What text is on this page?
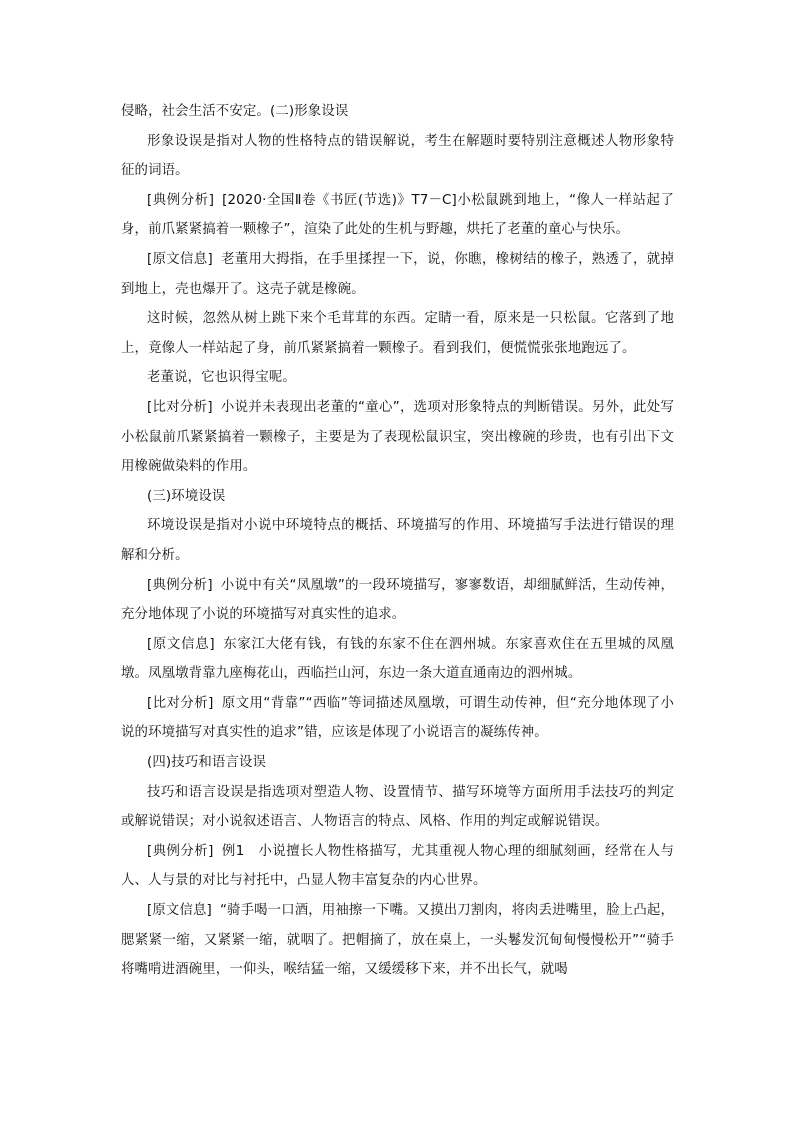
侵略，社会生活不安定。(二)形象设误

形象设误是指对人物的性格特点的错误解说，考生在解题时要特别注意概述人物形象特征的词语。

[典例分析] [2020·全国Ⅱ卷《书匠(节选)》T7－C]小松鼠跳到地上，“像人一样站起了身，前爪紧紧搞着一颗橡子”，渲染了此处的生机与野趣，烘托了老董的童心与快乐。

[原文信息] 老董用大拇指，在手里揉捏一下，说，你瞧，橡树结的橡子，熟透了，就掉到地上，壳也爆开了。这壳子就是橡碗。

这时候，忽然从树上跳下来个毛茸茸的东西。定睛一看，原来是一只松鼠。它落到了地上，竟像人一样站起了身，前爪紧紧搞着一颗橡子。看到我们，便慌慌张张地跑远了。

老董说，它也识得宝呢。

[比对分析] 小说并未表现出老董的“童心”，选项对形象特点的判断错误。另外，此处写小松鼠前爪紧紧搞着一颗橡子，主要是为了表现松鼠识宝，突出橡碗的珍贵，也有引出下文用橡碗做染料的作用。

(三)环境设误

环境设误是指对小说中环境特点的概括、环境描写的作用、环境描写手法进行错误的理解和分析。

[典例分析] 小说中有关“凤凰墩”的一段环境描写，寥寥数语，却细腻鲜活，生动传神，充分地体现了小说的环境描写对真实性的追求。

[原文信息] 东家江大佬有钱，有钱的东家不住在泗州城。东家喜欢住在五里城的凤凰墩。凤凰墩背靠九座梅花山，西临拦山河，东边一条大道直通南边的泗州城。

[比对分析] 原文用“背靠”“西临”等词描述凤凰墩，可谓生动传神，但“充分地体现了小说的环境描写对真实性的追求”错，应该是体现了小说语言的凝练传神。

(四)技巧和语言设误

技巧和语言设误是指选项对塑造人物、设置情节、描写环境等方面所用手法技巧的判定或解说错误；对小说叙述语言、人物语言的特点、风格、作用的判定或解说错误。

[典例分析] 例1　小说擅长人物性格描写，尤其重视人物心理的细腻刻画，经常在人与人、人与景的对比与衬托中，凸显人物丰富复杂的内心世界。

[原文信息] “骑手喝一口酒，用袖擦一下嘴。又摸出刀割肉，将肉丢进嘴里，脸上凸起，腮紧紧一缩，又紧紧一缩，就咽了。把帽摘了，放在桌上，一头鬈发沉甸甸慢慢松开”“骑手将嘴啃进酒碗里，一仰头，喉结猛一缩，又缓缓移下来，并不出长气，就喝
